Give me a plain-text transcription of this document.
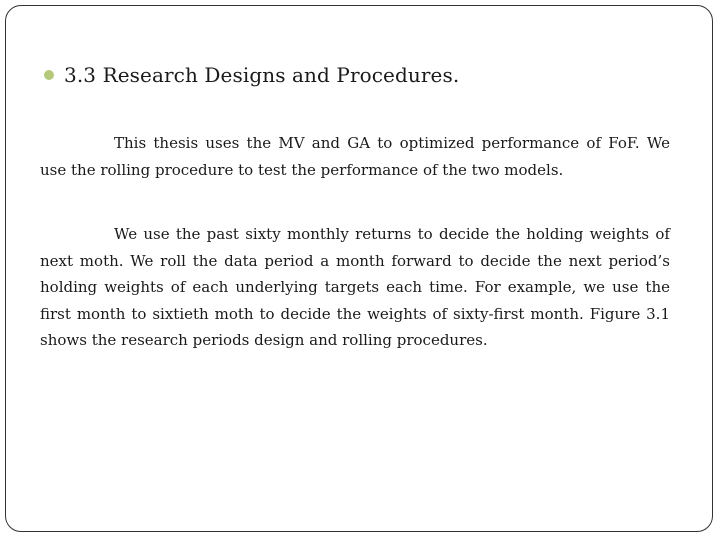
3.3 Research Designs and Procedures.

This thesis uses the MV and GA to optimized performance of FoF. We use the rolling procedure to test the performance of the two models.

We use the past sixty monthly returns to decide the holding weights of next moth. We roll the data period a month forward to decide the next period’s holding weights of each underlying targets each time. For example, we use the first month to sixtieth moth to decide the weights of sixty-first month. Figure 3.1 shows the research periods design and rolling procedures.
